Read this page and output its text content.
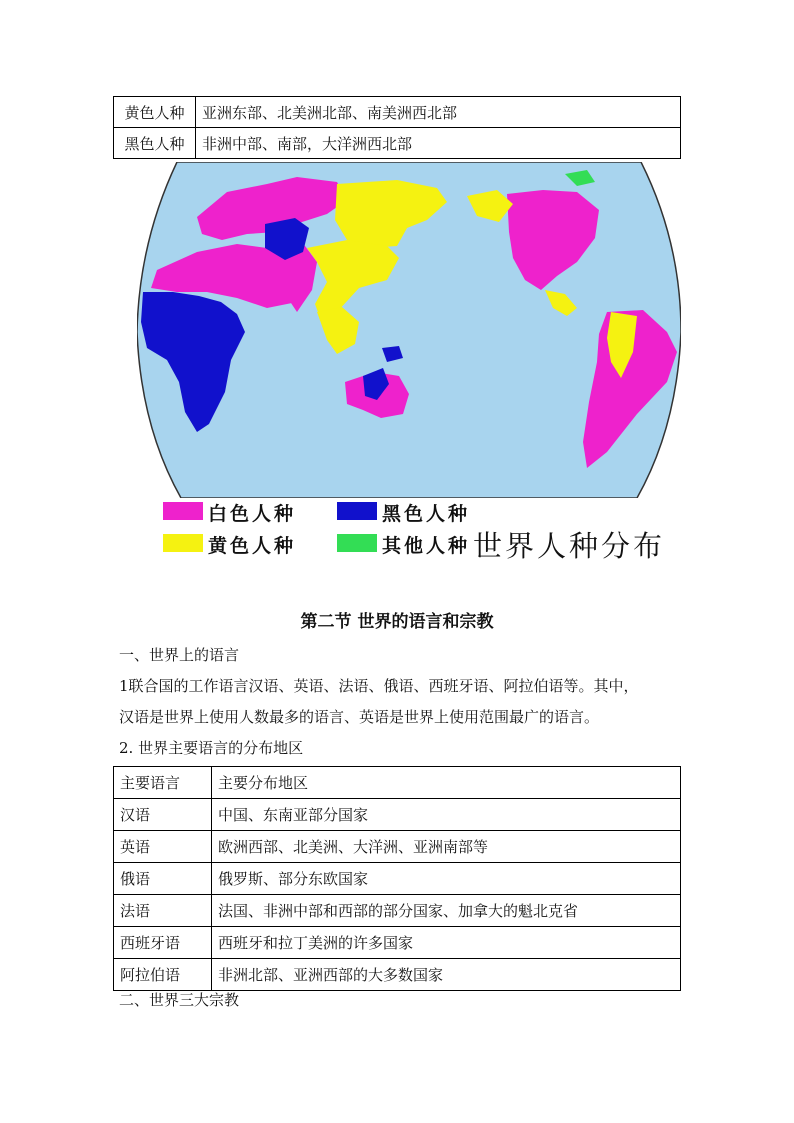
黄色人种	亚洲东部、北美洲北部、南美洲西北部
黑色人种	非洲中部、南部，大洋洲西北部
白色人种	黑色人种
黄色人种	其他人种 世界人种分布
第二节 世界的语言和宗教
一、世界上的语言
1联合国的工作语言汉语、英语、法语、俄语、西班牙语、阿拉伯语等。其中，
汉语是世界上使用人数最多的语言、英语是世界上使用范围最广的语言。
2. 世界主要语言的分布地区
主要语言	主要分布地区
汉语	中国、东南亚部分国家
英语	欧洲西部、北美洲、大洋洲、亚洲南部等
俄语	俄罗斯、部分东欧国家
法语	法国、非洲中部和西部的部分国家、加拿大的魁北克省
西班牙语	西班牙和拉丁美洲的许多国家
阿拉伯语	非洲北部、亚洲西部的大多数国家
二、世界三大宗教
